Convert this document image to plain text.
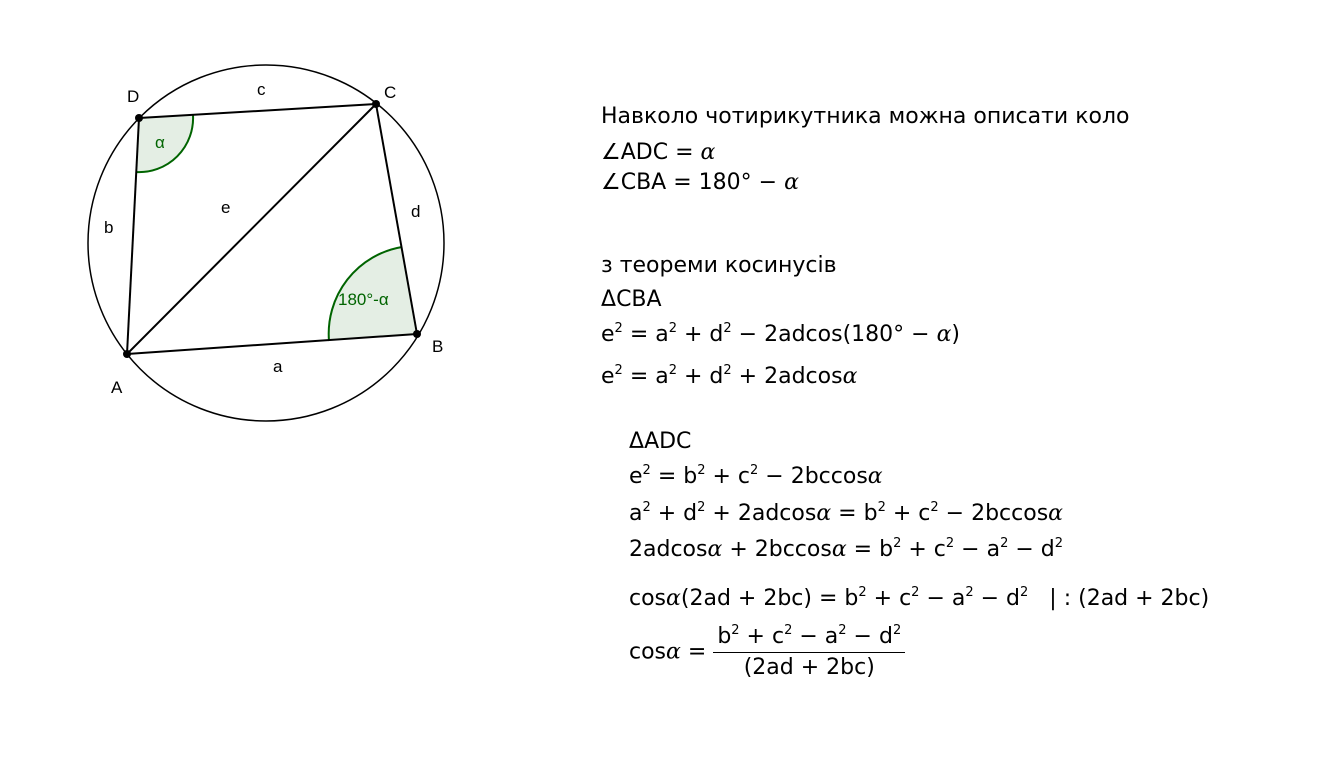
A
B
C
D
a
b
c
d
e
α
180°-α
Навколо чотирикутника можна описати коло
∠ADC = α
∠CBA = 180° − α
з теореми косинусів
ΔCBA
$e^2 = a^2 + d^2 - 2adcos(180^\circ - \alpha)$
$e^2 = a^2 + d^2 + 2adcos\alpha$
ΔADC
$e^2 = b^2 + c^2 - 2bccos\alpha$
$a^2 + d^2 + 2adcos\alpha = b^2 + c^2 - 2bccos\alpha$
$2adcos\alpha + 2bccos\alpha = b^2 + c^2 - a^2 - d^2$
$\cos\alpha(2ad + 2bc) = b^2 + c^2 - a^2 - d^2$ | : (2ad + 2bc)
$\cos\alpha = \frac{b^2 + c^2 - a^2 - d^2}{(2ad + 2bc)}$
